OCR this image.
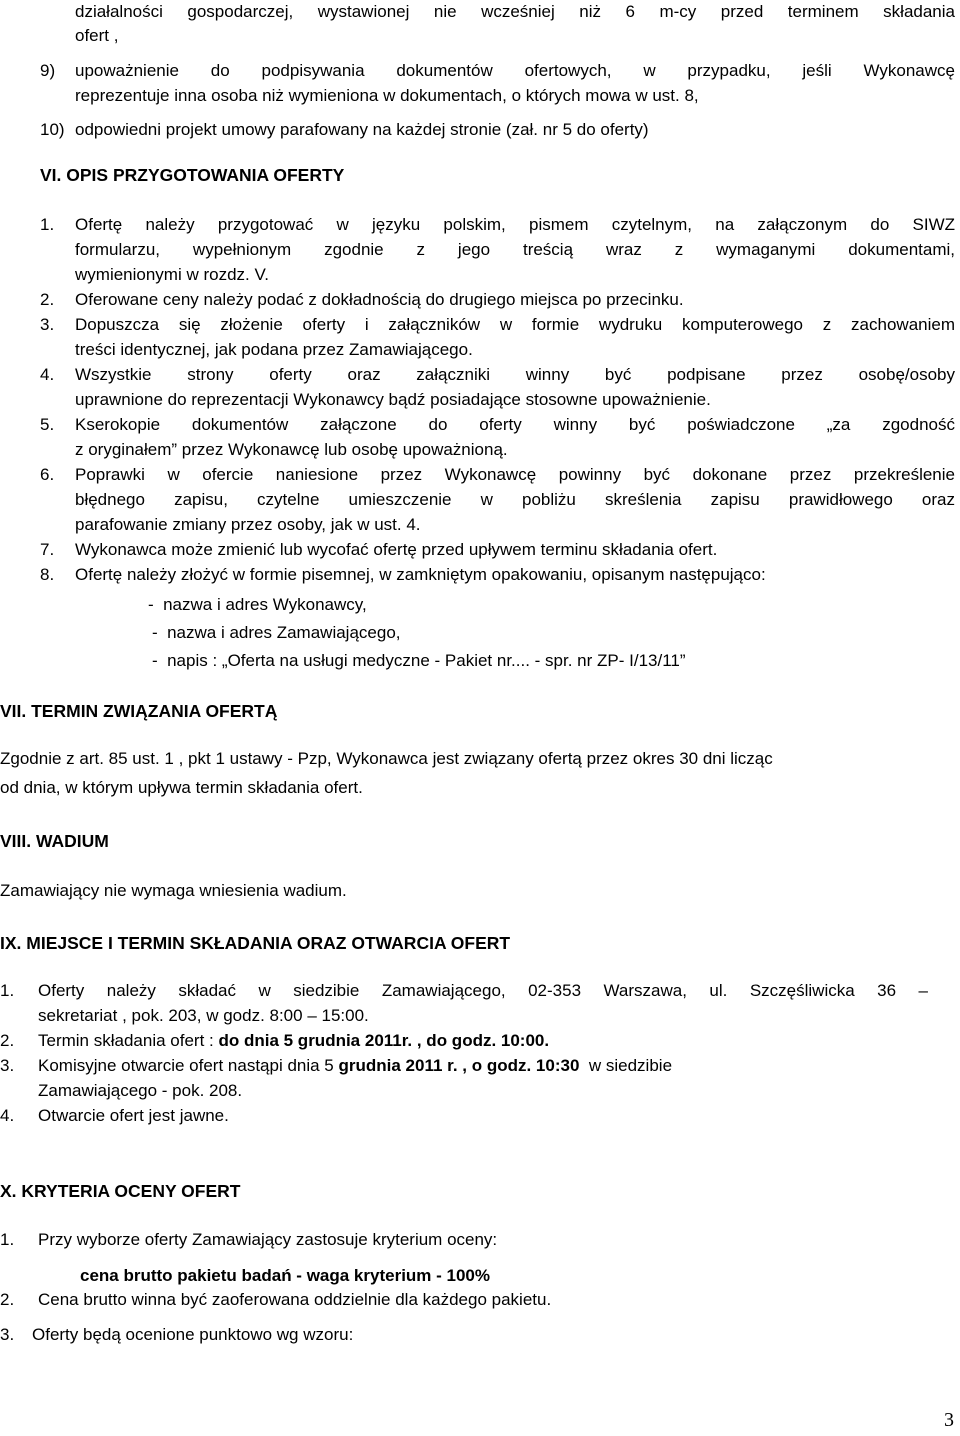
działalności gospodarczej, wystawionej nie wcześniej niż 6 m-cy przed terminem składania
ofert ,
9) upoważnienie do podpisywania dokumentów ofertowych, w przypadku, jeśli Wykonawcę
reprezentuje inna osoba niż wymieniona w dokumentach, o których mowa w ust. 8,
10) odpowiedni projekt umowy parafowany na każdej stronie (zał. nr 5 do oferty)
VI. OPIS PRZYGOTOWANIA OFERTY
1. Ofertę należy przygotować w języku polskim, pismem czytelnym, na załączonym do SIWZ
formularzu, wypełnionym zgodnie z jego treścią wraz z wymaganymi dokumentami,
wymienionymi w rozdz. V.
2. Oferowane ceny należy podać z dokładnością do drugiego miejsca po przecinku.
3. Dopuszcza się złożenie oferty i załączników w formie wydruku komputerowego z zachowaniem
treści identycznej, jak podana przez Zamawiającego.
4. Wszystkie strony oferty oraz załączniki winny być podpisane przez osobę/osoby
uprawnione do reprezentacji Wykonawcy bądź posiadające stosowne upoważnienie.
5. Kserokopie dokumentów załączone do oferty winny być poświadczone „za zgodność
z oryginałem” przez Wykonawcę lub osobę upoważnioną.
6. Poprawki w ofercie naniesione przez Wykonawcę powinny być dokonane przez przekreślenie
błędnego zapisu, czytelne umieszczenie w pobliżu skreślenia zapisu prawidłowego oraz
parafowanie zmiany przez osoby, jak w ust. 4.
7. Wykonawca może zmienić lub wycofać ofertę przed upływem terminu składania ofert.
8. Ofertę należy złożyć w formie pisemnej, w zamkniętym opakowaniu, opisanym następująco:
-  nazwa i adres Wykonawcy,
-  nazwa i adres Zamawiającego,
-  napis : „Oferta na usługi medyczne - Pakiet nr.... - spr. nr ZP- I/13/11”
VII. TERMIN ZWIĄZANIA OFERTĄ
Zgodnie z art. 85 ust. 1 , pkt 1 ustawy - Pzp, Wykonawca jest związany ofertą przez okres 30 dni licząc
od dnia, w którym upływa termin składania ofert.
VIII. WADIUM
Zamawiający nie wymaga wniesienia wadium.
IX. MIEJSCE I TERMIN SKŁADANIA ORAZ OTWARCIA OFERT
1. Oferty należy składać w siedzibie Zamawiającego, 02-353 Warszawa, ul. Szczęśliwicka 36 –
sekretariat , pok. 203, w godz. 8:00 – 15:00.
2. Termin składania ofert : do dnia 5 grudnia 2011r. , do godz. 10:00.
3. Komisyjne otwarcie ofert nastąpi dnia 5 grudnia 2011 r. , o godz. 10:30  w siedzibie
Zamawiającego - pok. 208.
4. Otwarcie ofert jest jawne.
X. KRYTERIA OCENY OFERT
1. Przy wyborze oferty Zamawiający zastosuje kryterium oceny:
cena brutto pakietu badań - waga kryterium - 100%
2. Cena brutto winna być zaoferowana oddzielnie dla każdego pakietu.
3. Oferty będą ocenione punktowo wg wzoru:
3
